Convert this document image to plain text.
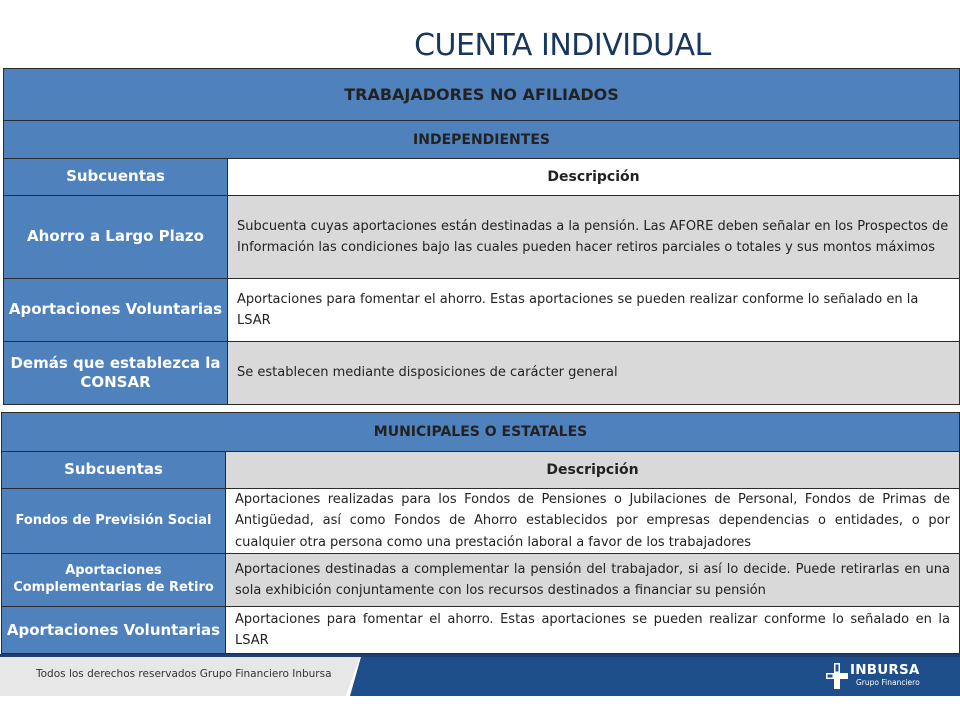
CUENTA INDIVIDUAL
TRABAJADORES NO AFILIADOS	
INDEPENDIENTES	
Subcuentas	Descripción
Ahorro a Largo Plazo	Subcuenta cuyas aportaciones están destinadas a la pensión. Las AFORE deben señalar en los Prospectos de Información las condiciones bajo las cuales pueden hacer retiros parciales o totales y sus montos máximos
Aportaciones Voluntarias	Aportaciones para fomentar el ahorro. Estas aportaciones se pueden realizar conforme lo señalado en la LSAR
Demás que establezca la CONSAR	Se establecen mediante disposiciones de carácter general
MUNICIPALES O ESTATALES	
Subcuentas	Descripción
Fondos de Previsión Social	Aportaciones realizadas para los Fondos de Pensiones o Jubilaciones de Personal, Fondos de Primas de Antigüedad, así como Fondos de Ahorro establecidos por empresas dependencias o entidades, o por cualquier otra persona como una prestación laboral a favor de los trabajadores
Aportaciones Complementarias de Retiro	Aportaciones destinadas a complementar la pensión del trabajador, si así lo decide. Puede retirarlas en una sola exhibición conjuntamente con los recursos destinados a financiar su pensión
Aportaciones Voluntarias	Aportaciones para fomentar el ahorro. Estas aportaciones se pueden realizar conforme lo señalado en la LSAR
Todos los derechos reservados Grupo Financiero Inbursa	INBURSA
Grupo Financiero
